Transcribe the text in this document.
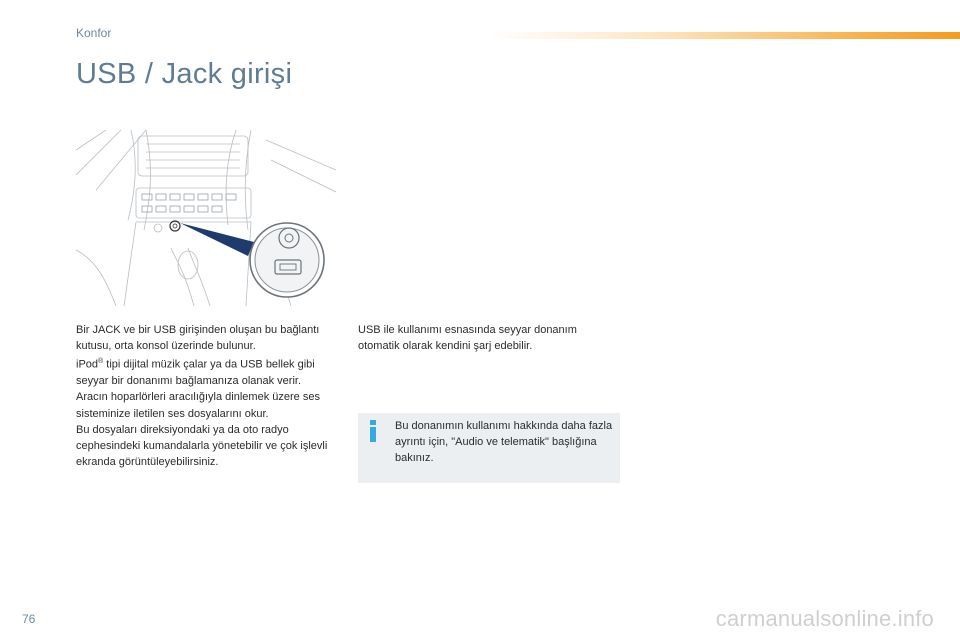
Konfor
USB / Jack girişi

Bir JACK ve bir USB girişinden oluşan bu bağlantı kutusu, orta konsol üzerinde bulunur.

iPod® tipi dijital müzik çalar ya da USB bellek gibi seyyar bir donanımı bağlamanıza olanak verir.

Aracın hoparlörleri aracılığıyla dinlemek üzere ses sisteminize iletilen ses dosyalarını okur.

Bu dosyaları direksiyondaki ya da oto radyo cephesindeki kumandalarla yönetebilir ve çok işlevli ekranda görüntüleyebilirsiniz.

USB ile kullanımı esnasında seyyar donanım otomatik olarak kendini şarj edebilir.

Bu donanımın kullanımı hakkında daha fazla ayrıntı için, "Audio ve telematik" başlığına bakınız.

76	carmanualsonline.info
